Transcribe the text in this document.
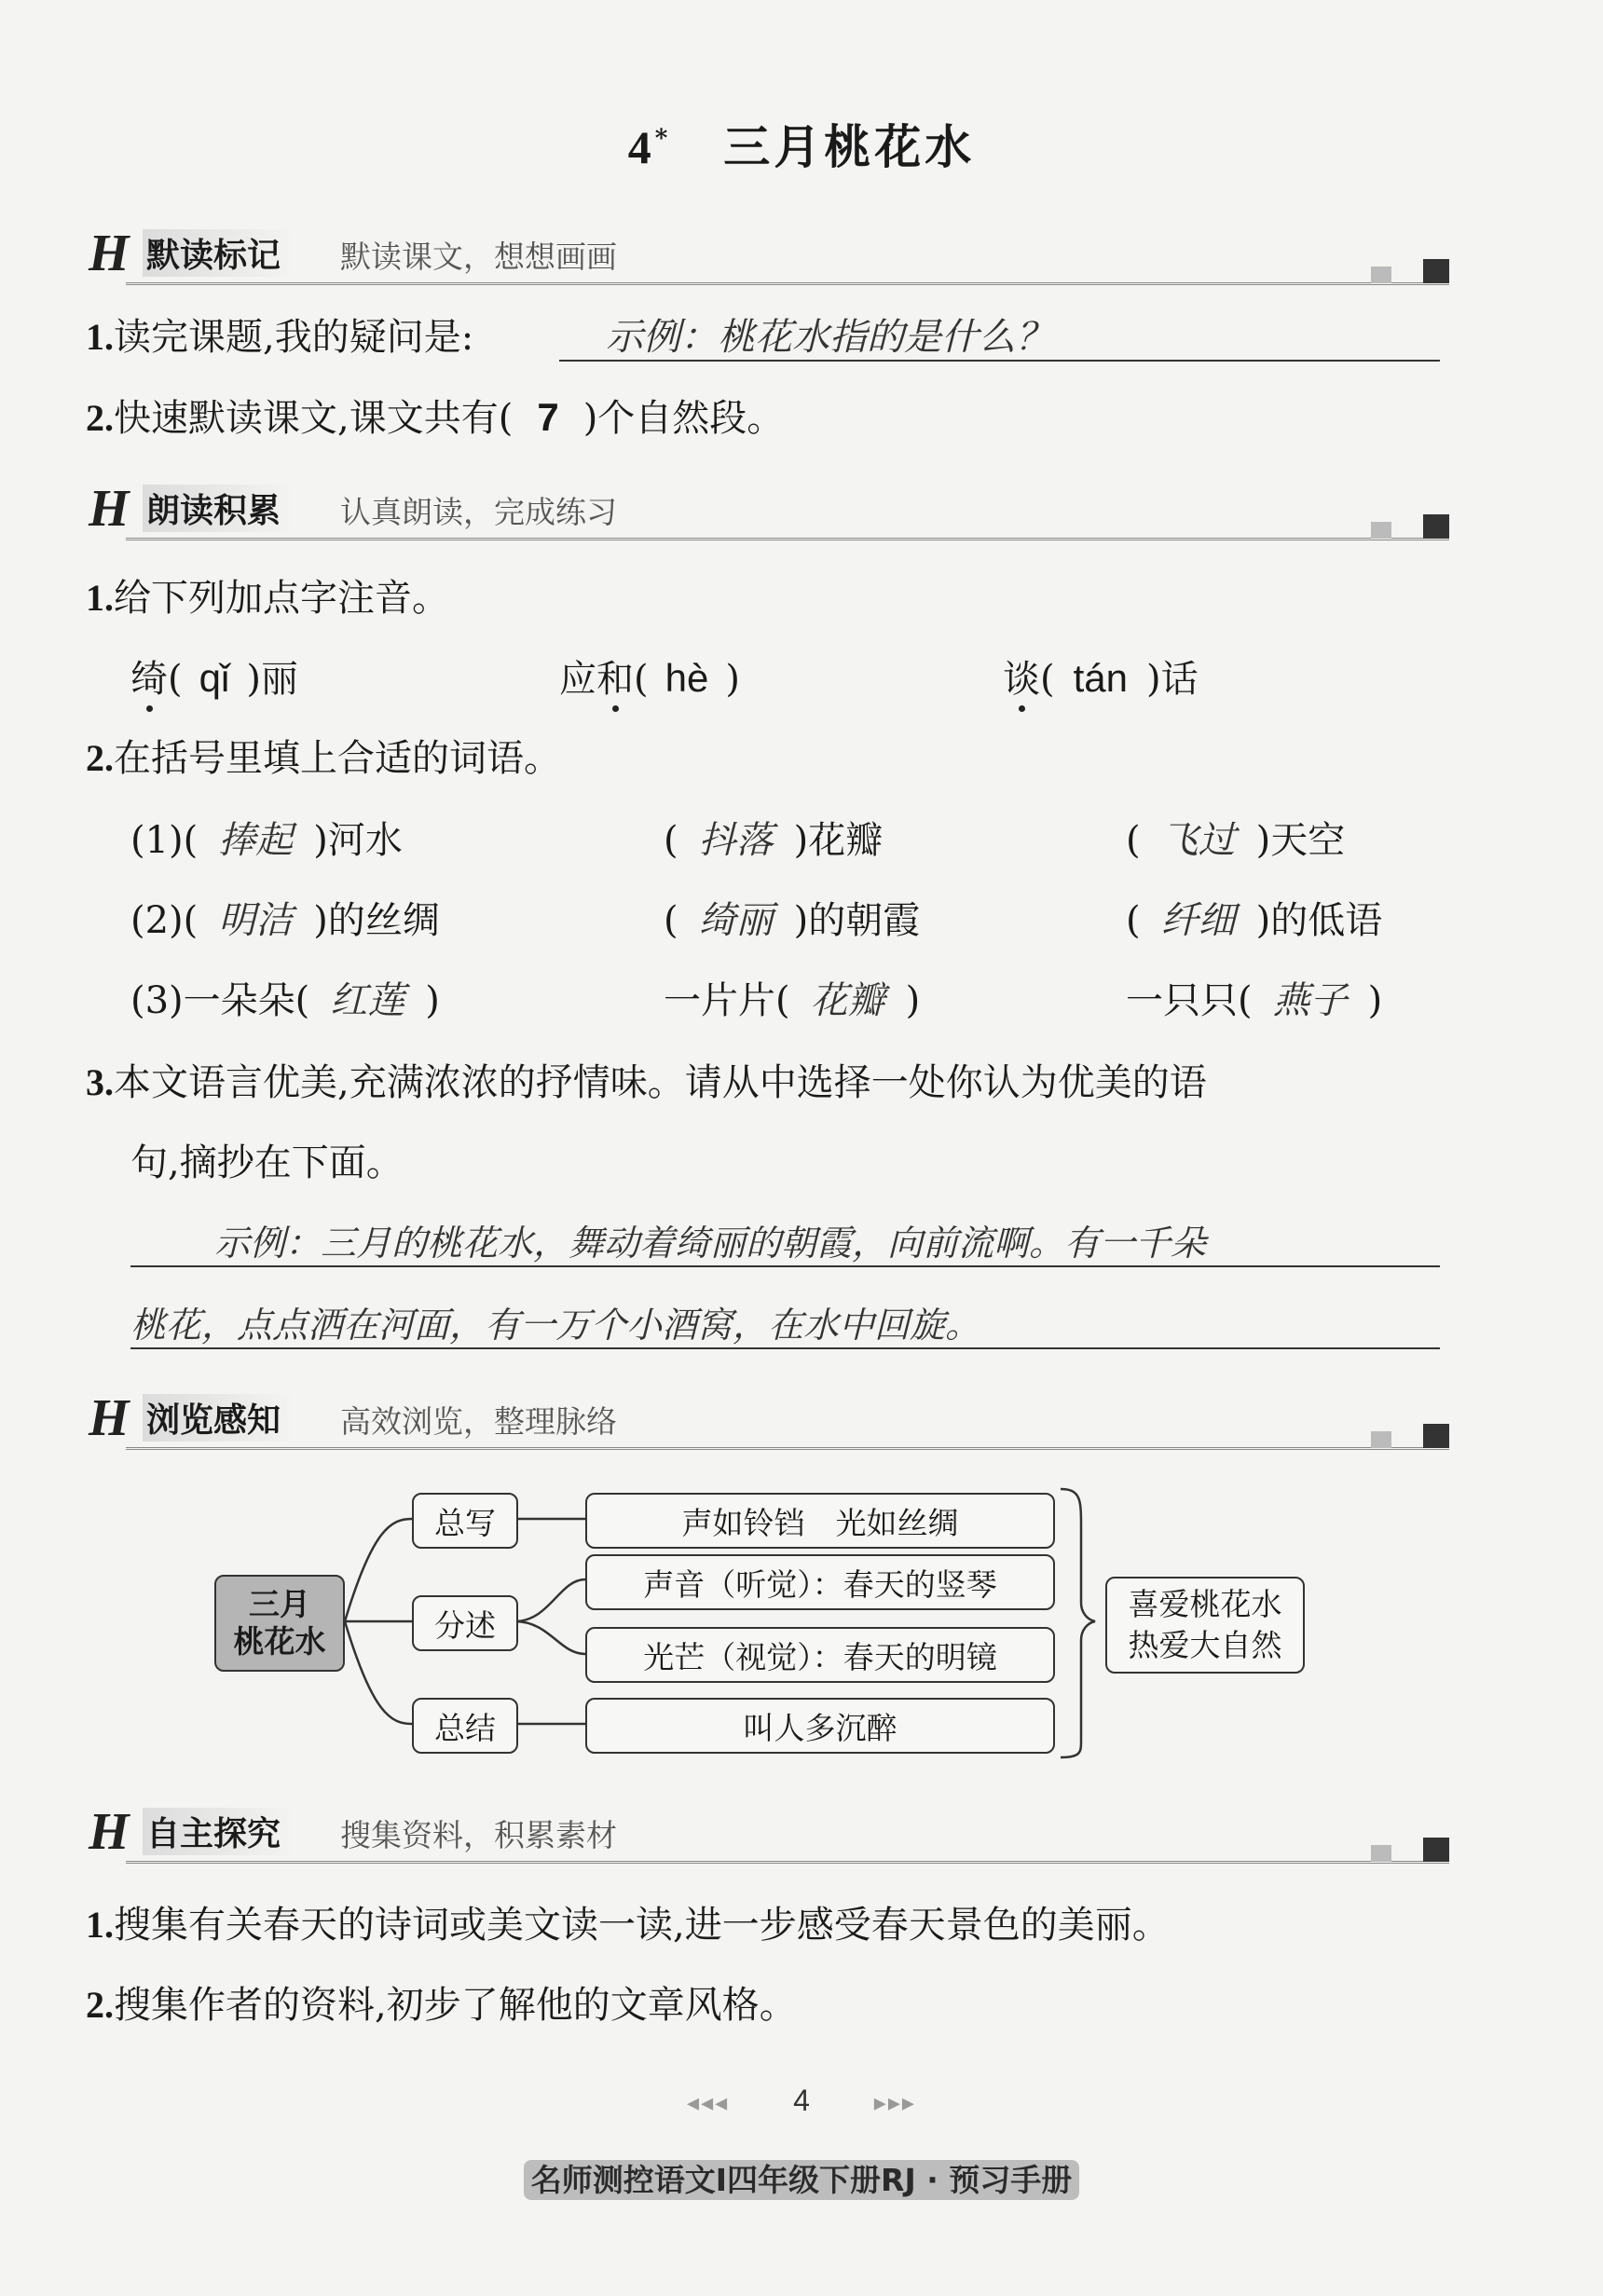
4* 三月桃花水
H 默读标记	默读课文，想想画画
1.读完课题,我的疑问是:	示例：桃花水指的是什么？
2.快速默读课文,课文共有( 7 )个自然段。
H 朗读积累	认真朗读，完成练习
1.给下列加点字注音。
绮( qǐ )丽	应和( hè )	谈( tán )话
2.在括号里填上合适的词语。
(1)( 捧起 )河水	( 抖落 )花瓣	( 飞过 )天空
(2)( 明洁 )的丝绸	( 绮丽 )的朝霞	( 纤细 )的低语
(3)一朵朵( 红莲 )	一片片( 花瓣 )	一只只( 燕子 )
3.本文语言优美,充满浓浓的抒情味。请从中选择一处你认为优美的语
句,摘抄在下面。
示例：三月的桃花水，舞动着绮丽的朝霞，向前流啊。有一千朵
桃花，点点洒在河面，有一万个小酒窝，在水中回旋。
H 浏览感知	高效浏览，整理脉络
三月
桃花水
总写
分述
总结
声如铃铛　光如丝绸
声音（听觉）：春天的竖琴
光芒（视觉）：春天的明镜
叫人多沉醉
喜爱桃花水
热爱大自然
H 自主探究	搜集资料，积累素材
1.搜集有关春天的诗词或美文读一读,进一步感受春天景色的美丽。
2.搜集作者的资料,初步了解他的文章风格。
◂◂◂ 4	▸▸▸
名师测控语文Ⅰ四年级下册RJ · 预习手册
